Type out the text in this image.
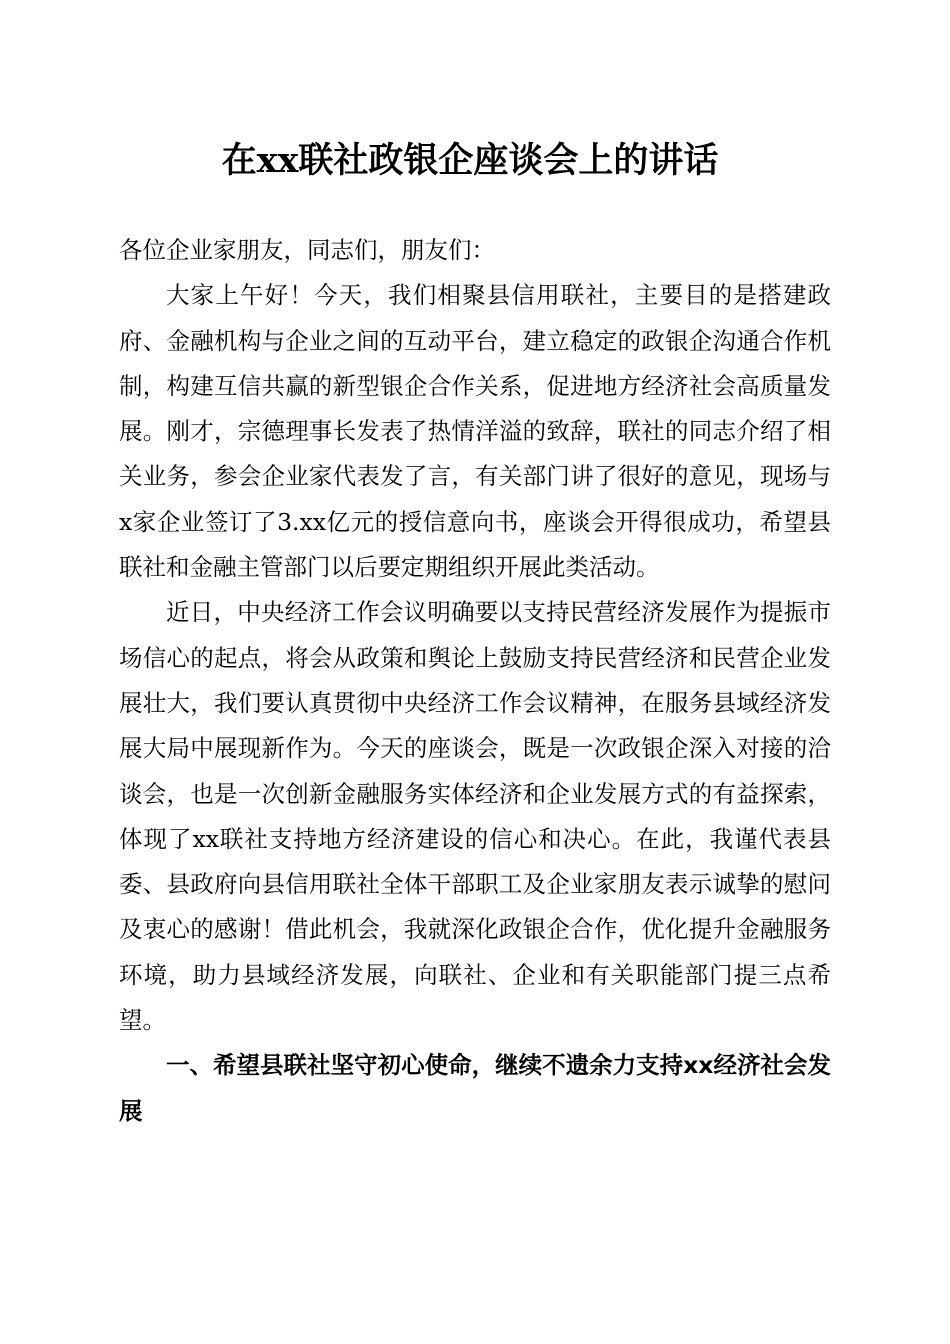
在xx联社政银企座谈会上的讲话

各位企业家朋友，同志们，朋友们：

大家上午好！今天，我们相聚县信用联社，主要目的是搭建政府、金融机构与企业之间的互动平台，建立稳定的政银企沟通合作机制，构建互信共赢的新型银企合作关系，促进地方经济社会高质量发展。刚才，宗德理事长发表了热情洋溢的致辞，联社的同志介绍了相关业务，参会企业家代表发了言，有关部门讲了很好的意见，现场与x家企业签订了3.xx亿元的授信意向书，座谈会开得很成功，希望县联社和金融主管部门以后要定期组织开展此类活动。

近日，中央经济工作会议明确要以支持民营经济发展作为提振市场信心的起点，将会从政策和舆论上鼓励支持民营经济和民营企业发展壮大，我们要认真贯彻中央经济工作会议精神，在服务县域经济发展大局中展现新作为。今天的座谈会，既是一次政银企深入对接的洽谈会，也是一次创新金融服务实体经济和企业发展方式的有益探索，体现了xx联社支持地方经济建设的信心和决心。在此，我谨代表县委、县政府向县信用联社全体干部职工及企业家朋友表示诚挚的慰问及衷心的感谢！借此机会，我就深化政银企合作，优化提升金融服务环境，助力县域经济发展，向联社、企业和有关职能部门提三点希望。

一、希望县联社坚守初心使命，继续不遗余力支持xx经济社会发展
